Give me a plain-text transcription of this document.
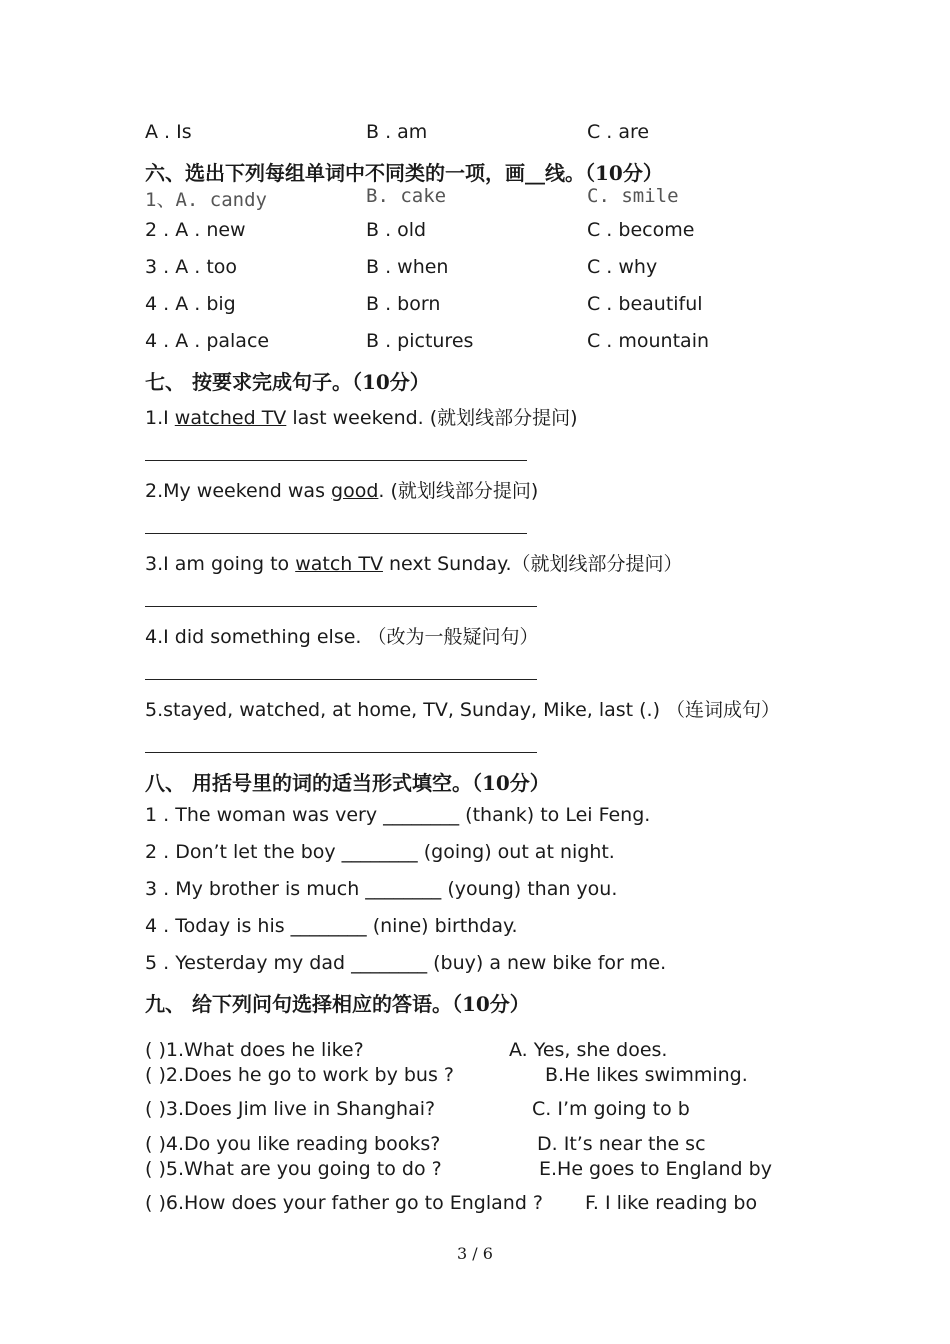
A . Is	B . am	C . are
六、选出下列每组单词中不同类的一项，画__线。（10分）
1、A. candy	B. cake	C. smile
2 . A . new	B . old	C . become
3 . A . too	B . when	C . why
4 . A . big	B . born	C . beautiful
4 . A . palace	B . pictures	C . mountain
七、 按要求完成句子。（10分）
1.I watched TV last weekend. (就划线部分提问)
2.My weekend was good. (就划线部分提问)
3.I am going to watch TV next Sunday.（就划线部分提问）
4.I did something else. （改为一般疑问句）
5.stayed, watched, at home, TV, Sunday, Mike, last (.) （连词成句）
八、 用括号里的词的适当形式填空。（10分）
1 . The woman was very ________ (thank) to Lei Feng.
2 . Don’t let the boy ________ (going) out at night.
3 . My brother is much ________ (young) than you.
4 . Today is his ________ (nine) birthday.
5 . Yesterday my dad ________ (buy) a new bike for me.
九、 给下列问句选择相应的答语。（10分）
( )1.What does he like?	A. Yes, she does.
( )2.Does he go to work by bus ?	B.He likes swimming.
( )3.Does Jim live in Shanghai?	C. I’m going to b
( )4.Do you like reading books?	D. It’s near the sc
( )5.What are you going to do ?	E.He goes to England by
( )6.How does your father go to England ? F. I like reading bo
3 / 6
